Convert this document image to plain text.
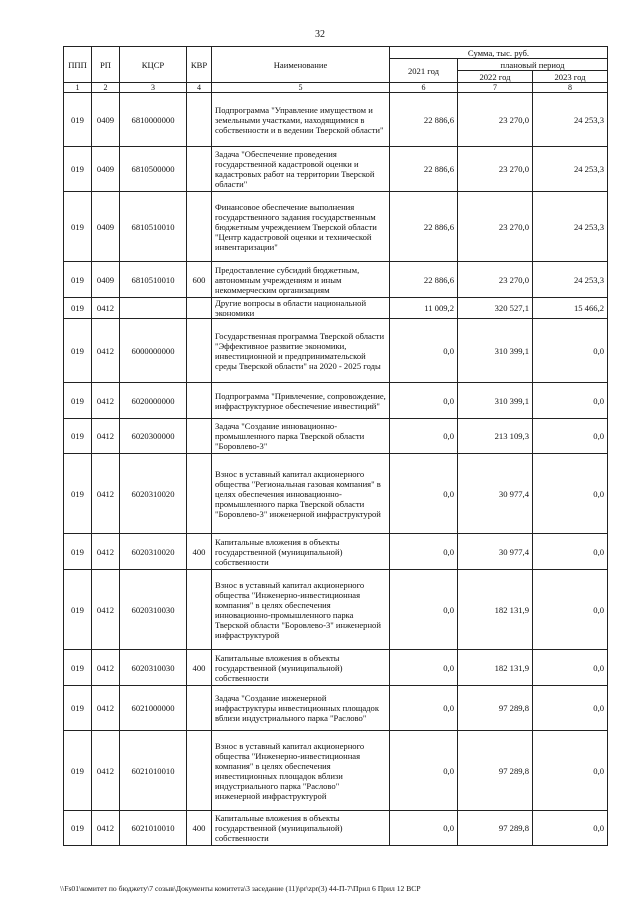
32
ППП	РП	КЦСР	КВР	Наименование	Сумма, тыс. руб.		
					2021 год	плановый период	
						2022 год	2023 год
1	2	3	4	5	6	7	8
019	0409	6810000000		Подпрограмма "Управление имуществом и земельными участками, находящимися в собственности и в ведении Тверской области"	22 886,6	23 270,0	24 253,3
019	0409	6810500000		Задача "Обеспечение проведения государственной кадастровой оценки и кадастровых работ на территории Тверской области"	22 886,6	23 270,0	24 253,3
019	0409	6810510010		Финансовое обеспечение выполнения государственного задания государственным бюджетным учреждением Тверской области "Центр кадастровой оценки и технической инвентаризации"	22 886,6	23 270,0	24 253,3
019	0409	6810510010	600	Предоставление субсидий бюджетным, автономным учреждениям и иным некоммерческим организациям	22 886,6	23 270,0	24 253,3
019	0412			Другие вопросы в области национальной экономики	11 009,2	320 527,1	15 466,2
019	0412	6000000000		Государственная программа Тверской области "Эффективное развитие экономики, инвестиционной и предпринимательской среды Тверской области" на 2020 - 2025 годы	0,0	310 399,1	0,0
019	0412	6020000000		Подпрограмма "Привлечение, сопровождение, инфраструктурное обеспечение инвестиций"	0,0	310 399,1	0,0
019	0412	6020300000		Задача "Создание инновационно-промышленного парка Тверской области "Боровлево-3"	0,0	213 109,3	0,0
019	0412	6020310020		Взнос в уставный капитал акционерного общества "Региональная газовая компания" в целях обеспечения инновационно-промышленного парка Тверской области "Боровлево-3" инженерной инфраструктурой	0,0	30 977,4	0,0
019	0412	6020310020	400	Капитальные вложения в объекты государственной (муниципальной) собственности	0,0	30 977,4	0,0
019	0412	6020310030		Взнос в уставный капитал акционерного общества "Инженерно-инвестиционная компания" в целях обеспечения инновационно-промышленного парка Тверской области "Боровлево-3" инженерной инфраструктурой	0,0	182 131,9	0,0
019	0412	6020310030	400	Капитальные вложения в объекты государственной (муниципальной) собственности	0,0	182 131,9	0,0
019	0412	6021000000		Задача "Создание инженерной инфраструктуры инвестиционных площадок вблизи индустриального парка "Раслово"	0,0	97 289,8	0,0
019	0412	6021010010		Взнос в уставный капитал акционерного общества "Инженерно-инвестиционная компания" в целях обеспечения инвестиционных площадок вблизи индустриального парка "Раслово" инженерной инфраструктурой	0,0	97 289,8	0,0
019	0412	6021010010	400	Капитальные вложения в объекты государственной (муниципальной) собственности	0,0	97 289,8	0,0
\\Fs01\комитет по бюджету\7 созыв\Документы комитета\3 заседание (11)\pr\zpr(3) 44-П-7\Прил 6 Прил 12 ВСР
